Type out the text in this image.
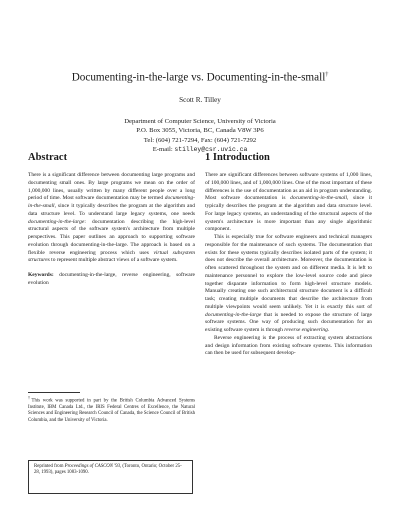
Documenting-in-the-large vs. Documenting-in-the-small†
Scott R. Tilley
Department of Computer Science, University of Victoria
P.O. Box 3055, Victoria, BC, Canada V8W 3P6
Tel: (604) 721-7294, Fax: (604) 721-7292
E-mail: stilley@csr.uvic.ca
Abstract	1 Introduction

There is a significant difference between documenting large programs and documenting small ones. By large programs we mean on the order of 1,000,000 lines, usually written by many different people over a long period of time. Most software documentation may be termed documenting-in-the-small, since it typically describes the program at the algorithm and data structure level. To understand large legacy systems, one needs documenting-in-the-large: documentation describing the high-level structural aspects of the software system's architecture from multiple perspectives. This paper outlines an approach to supporting software evolution through documenting-in-the-large. The approach is based on a flexible reverse engineering process which uses virtual subsystem structures to represent multiple abstract views of a software system.

Keywords: documenting-in-the-large, reverse engineering, software evolution

†This work was supported in part by the British Columbia Advanced Systems Institute, IBM Canada Ltd., the IRIS Federal Centres of Excellence, the Natural Sciences and Engineering Research Council of Canada, the Science Council of British Columbia, and the University of Victoria.
Reprinted from Proceedings of CASCON '93, (Toronto, Ontario; October 25-28, 1993), pages 1083-1090.

There are significant differences between software systems of 1,000 lines, of 100,000 lines, and of 1,000,000 lines. One of the most important of these differences is the use of documentation as an aid in program understanding. Most software documentation is documenting-in-the-small, since it typically describes the program at the algorithm and data structure level. For large legacy systems, an understanding of the structural aspects of the system's architecture is more important than any single algorithmic component.

This is especially true for software engineers and technical managers responsible for the maintenance of such systems. The documentation that exists for these systems typically describes isolated parts of the system; it does not describe the overall architecture. Moreover, the documentation is often scattered throughout the system and on different media. It is left to maintenance personnel to explore the low-level source code and piece together disparate information to form high-level structure models. Manually creating one such architectural structure document is a difficult task; creating multiple documents that describe the architecture from multiple viewpoints would seem unlikely. Yet it is exactly this sort of documenting-in-the-large that is needed to expose the structure of large software systems. One way of producing such documentation for an existing software system is through reverse engineering.

Reverse engineering is the process of extracting system abstractions and design information from existing software systems. This information can then be used for subsequent develop-
